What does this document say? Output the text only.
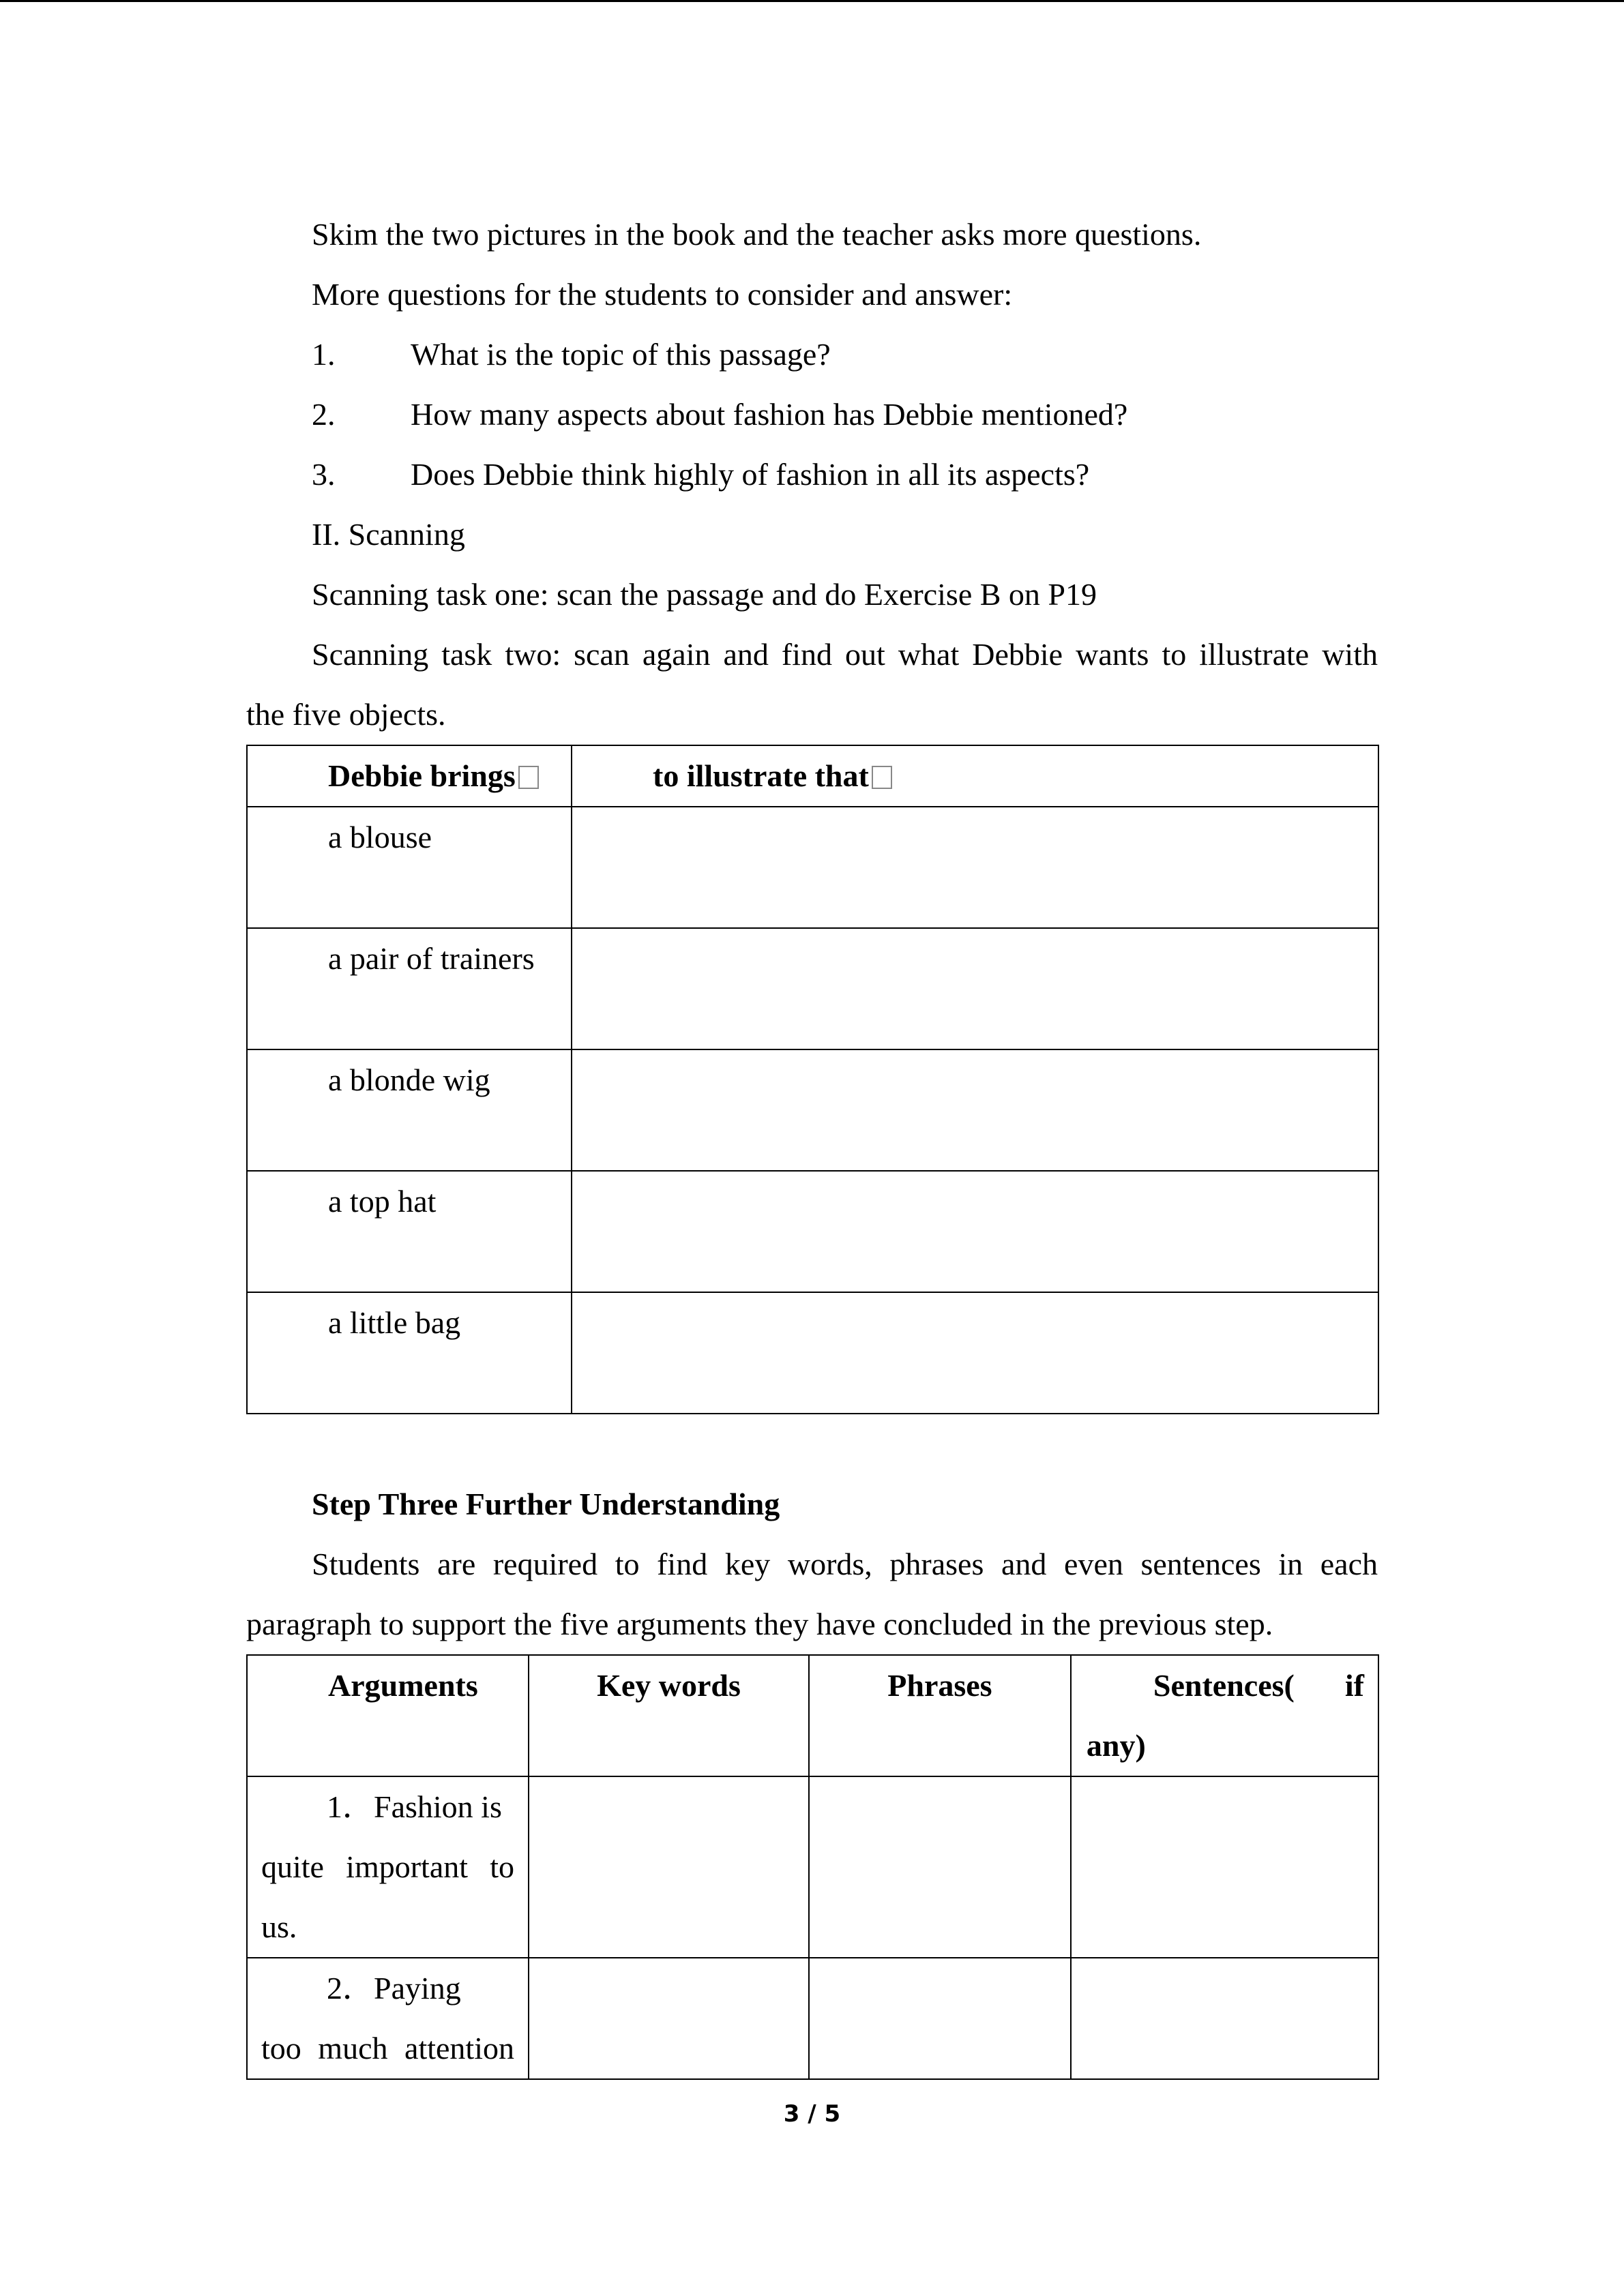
Skim the two pictures in the book and the teacher asks more questions.

More questions for the students to consider and answer:

1.	What is the topic of this passage?
2.	How many aspects about fashion has Debbie mentioned?
3.	Does Debbie think highly of fashion in all its aspects?

II. Scanning

Scanning task one: scan the passage and do Exercise B on P19

Scanning task two: scan again and find out what Debbie wants to illustrate with

the five objects.

Debbie brings	to illustrate that

a blouse	

a pair of trainers	

a blonde wig	

a top hat	

a little bag	

Step Three Further Understanding

Students are required to find key words, phrases and even sentences in each

paragraph to support the five arguments they have concluded in the previous step.

Arguments	Key words	Phrases	Sentences( if
any)

1．Fashion is
quite important to
us.			

2．Paying
too much attention			

3 / 5
